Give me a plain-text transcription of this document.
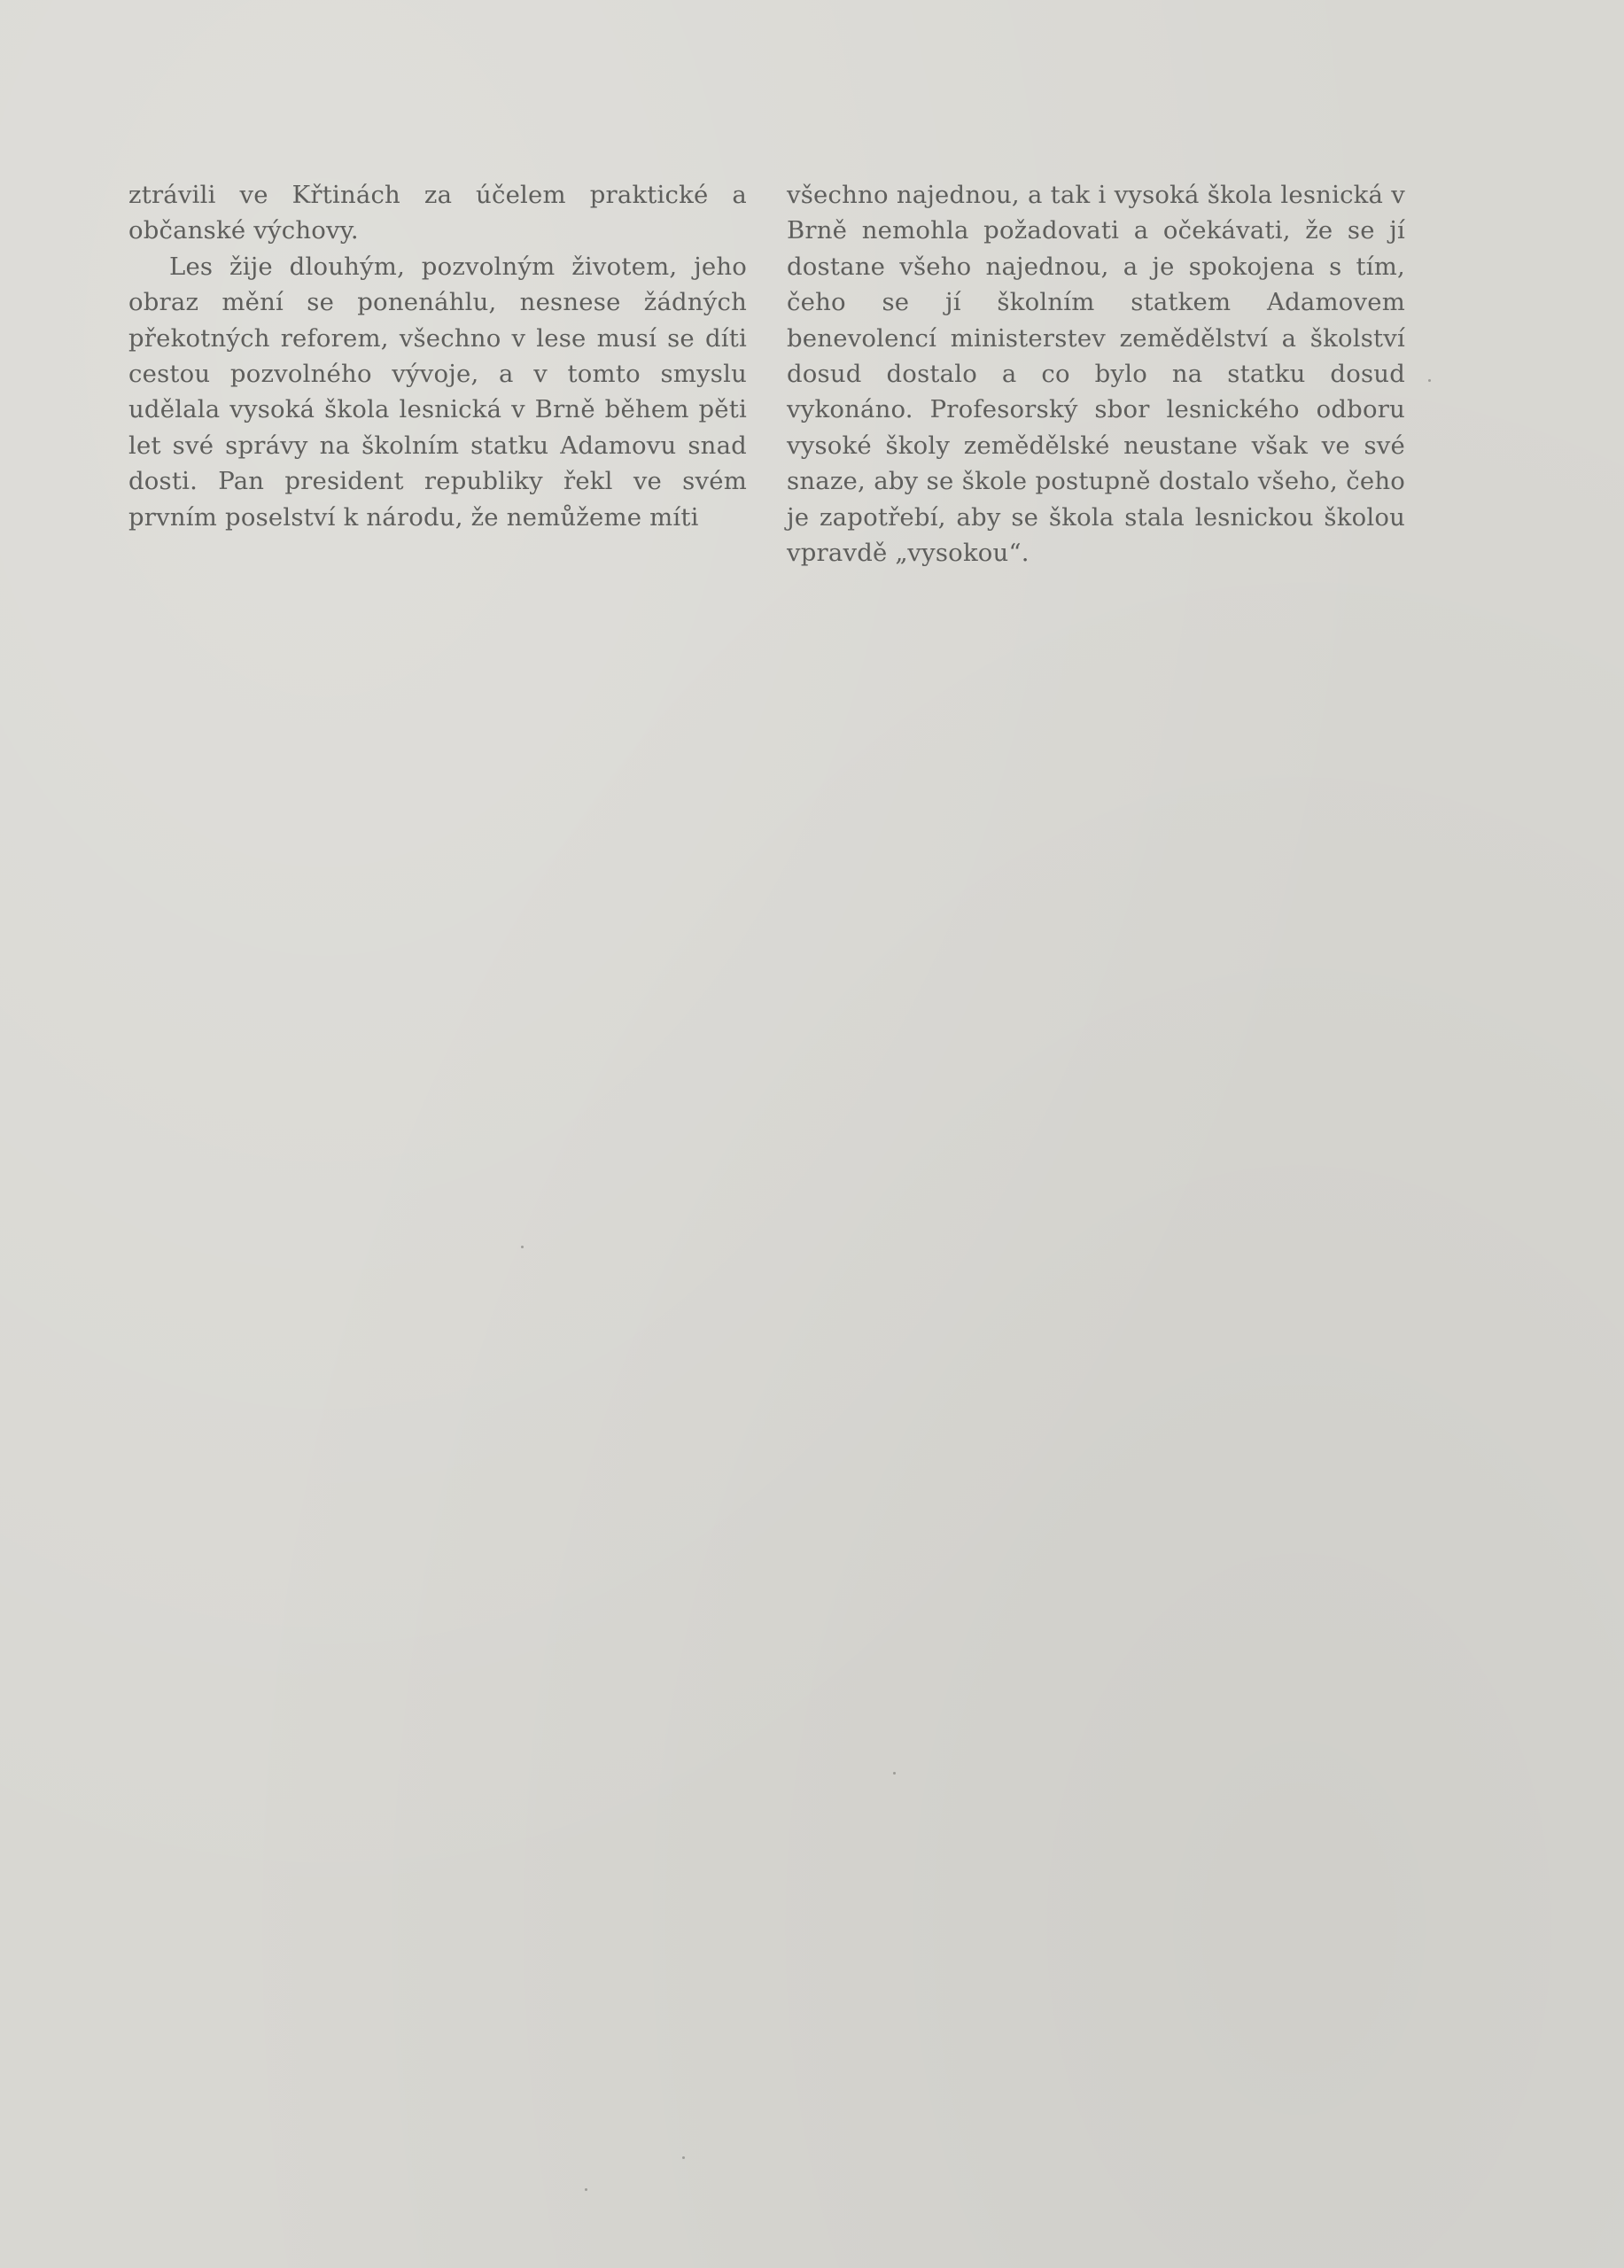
ztrávili ve Křtinách za účelem praktické a občanské výchovy.

Les žije dlouhým, pozvolným životem, jeho obraz mění se ponenáhlu, nesnese žádných překotných reforem, všechno v lese musí se díti cestou pozvolného vývoje, a v tomto smyslu udělala vysoká škola lesnická v Brně během pěti let své správy na školním statku Adamovu snad dosti. Pan president republiky řekl ve svém prvním poselství k národu, že nemůžeme míti

všechno najednou, a tak i vysoká škola lesnická v Brně nemohla požadovati a očekávati, že se jí dostane všeho najednou, a je spokojena s tím, čeho se jí školním statkem Adamovem benevolencí ministerstev zemědělství a školství dosud dostalo a co bylo na statku dosud vykonáno. Profesorský sbor lesnického odboru vysoké školy zemědělské neustane však ve své snaze, aby se škole postupně dostalo všeho, čeho je zapotřebí, aby se škola stala lesnickou školou vpravdě „vysokou“.
